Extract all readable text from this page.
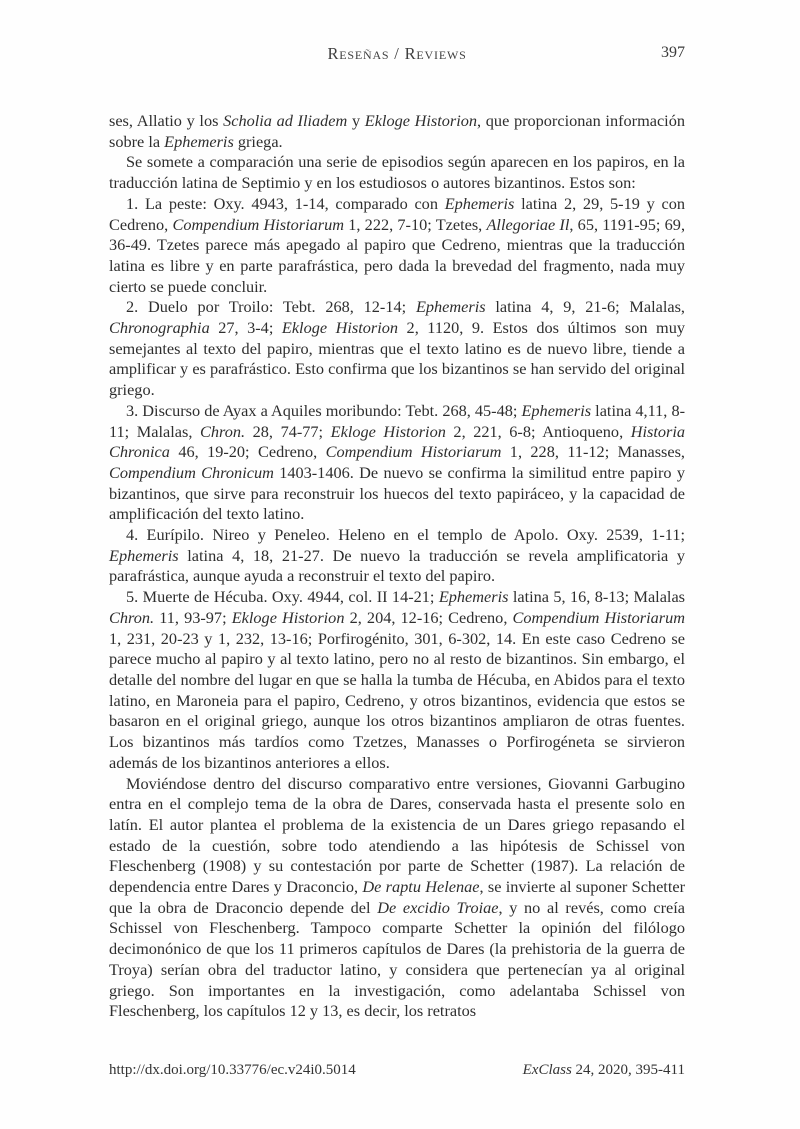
Reseñas / Reviews	397

ses, Allatio y los Scholia ad Iliadem y Ekloge Historion, que proporcionan información sobre la Ephemeris griega.

Se somete a comparación una serie de episodios según aparecen en los papiros, en la traducción latina de Septimio y en los estudiosos o autores bizantinos. Estos son:

1. La peste: Oxy. 4943, 1-14, comparado con Ephemeris latina 2, 29, 5-19 y con Cedreno, Compendium Historiarum 1, 222, 7-10; Tzetes, Allegoriae Il, 65, 1191-95; 69, 36-49. Tzetes parece más apegado al papiro que Cedreno, mientras que la traducción latina es libre y en parte parafrástica, pero dada la brevedad del fragmento, nada muy cierto se puede concluir.

2. Duelo por Troilo: Tebt. 268, 12-14; Ephemeris latina 4, 9, 21-6; Malalas, Chronographia 27, 3-4; Ekloge Historion 2, 1120, 9. Estos dos últimos son muy semejantes al texto del papiro, mientras que el texto latino es de nuevo libre, tiende a amplificar y es parafrástico. Esto confirma que los bizantinos se han servido del original griego.

3. Discurso de Ayax a Aquiles moribundo: Tebt. 268, 45-48; Ephemeris latina 4,11, 8-11; Malalas, Chron. 28, 74-77; Ekloge Historion 2, 221, 6-8; Antioqueno, Historia Chronica 46, 19-20; Cedreno, Compendium Historiarum 1, 228, 11-12; Manasses, Compendium Chronicum 1403-1406. De nuevo se confirma la similitud entre papiro y bizantinos, que sirve para reconstruir los huecos del texto papiráceo, y la capacidad de amplificación del texto latino.

4. Eurípilo. Nireo y Peneleo. Heleno en el templo de Apolo. Oxy. 2539, 1-11; Ephemeris latina 4, 18, 21-27. De nuevo la traducción se revela amplificatoria y parafrástica, aunque ayuda a reconstruir el texto del papiro.

5. Muerte de Hécuba. Oxy. 4944, col. II 14-21; Ephemeris latina 5, 16, 8-13; Malalas Chron. 11, 93-97; Ekloge Historion 2, 204, 12-16; Cedreno, Compendium Historiarum 1, 231, 20-23 y 1, 232, 13-16; Porfirogénito, 301, 6-302, 14. En este caso Cedreno se parece mucho al papiro y al texto latino, pero no al resto de bizantinos. Sin embargo, el detalle del nombre del lugar en que se halla la tumba de Hécuba, en Abidos para el texto latino, en Maroneia para el papiro, Cedreno, y otros bizantinos, evidencia que estos se basaron en el original griego, aunque los otros bizantinos ampliaron de otras fuentes. Los bizantinos más tardíos como Tzetzes, Manasses o Porfirogéneta se sirvieron además de los bizantinos anteriores a ellos.

Moviéndose dentro del discurso comparativo entre versiones, Giovanni Garbugino entra en el complejo tema de la obra de Dares, conservada hasta el presente solo en latín. El autor plantea el problema de la existencia de un Dares griego repasando el estado de la cuestión, sobre todo atendiendo a las hipótesis de Schissel von Fleschenberg (1908) y su contestación por parte de Schetter (1987). La relación de dependencia entre Dares y Draconcio, De raptu Helenae, se invierte al suponer Schetter que la obra de Draconcio depende del De excidio Troiae, y no al revés, como creía Schissel von Fleschenberg. Tampoco comparte Schetter la opinión del filólogo decimonónico de que los 11 primeros capítulos de Dares (la prehistoria de la guerra de Troya) serían obra del traductor latino, y considera que pertenecían ya al original griego. Son importantes en la investigación, como adelantaba Schissel von Fleschenberg, los capítulos 12 y 13, es decir, los retratos

http://dx.doi.org/10.33776/ec.v24i0.5014	ExClass 24, 2020, 395-411
